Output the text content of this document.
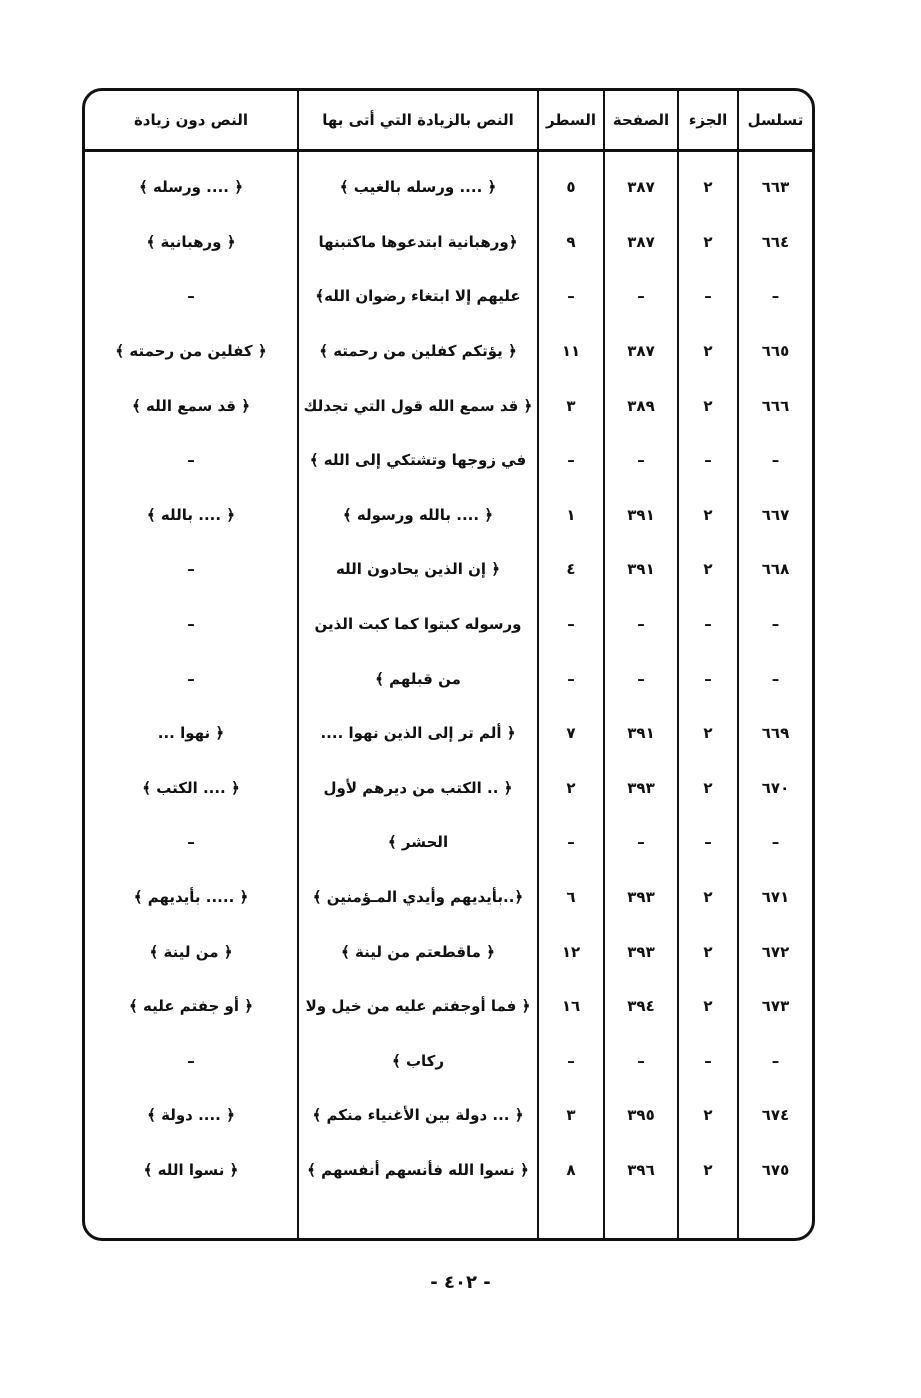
تسلسل	الجزء	الصفحة	السطر	النص بالزيادة التي أتى بها	النص دون زيادة
٦٦٣	٢	٣٨٧	٥	﴿ .... ورسله بالغيب ﴾	﴿ .... ورسله ﴾
٦٦٤	٢	٣٨٧	٩	﴿ورهبانية ابتدعوها ماكتبنها	﴿ ورهبانية ﴾
–	–	–	–	عليهم إلا ابتغاء رضوان الله﴾	–
٦٦٥	٢	٣٨٧	١١	﴿ يؤتكم كفلين من رحمته ﴾	﴿ كفلين من رحمته ﴾
٦٦٦	٢	٣٨٩	٣	﴿ قد سمع الله قول التي تجدلك	﴿ قد سمع الله ﴾
–	–	–	–	في زوجها وتشتكي إلى الله ﴾	–
٦٦٧	٢	٣٩١	١	﴿ .... بالله ورسوله ﴾	﴿ .... بالله ﴾
٦٦٨	٢	٣٩١	٤	﴿ إن الذين يحادون الله	–
–	–	–	–	ورسوله كبتوا كما كبت الذين	–
–	–	–	–	من قبلهم ﴾	–
٦٦٩	٢	٣٩١	٧	﴿ ألم تر إلى الذين نهوا ....	﴿ نهوا ...
٦٧٠	٢	٣٩٣	٢	﴿ .. الكتب من ديرهم لأول	﴿ .... الكتب ﴾
–	–	–	–	الحشر ﴾	–
٦٧١	٢	٣٩٣	٦	﴿..بأيديهم وأيدي المـؤمنين ﴾	﴿ ..... بأيديهم ﴾
٦٧٢	٢	٣٩٣	١٢	﴿ ماقطعتم من لينة ﴾	﴿ من لينة ﴾
٦٧٣	٢	٣٩٤	١٦	﴿ فما أوجفتم عليه من خيل ولا	﴿ أو جفتم عليه ﴾
–	–	–	–	ركاب ﴾	–
٦٧٤	٢	٣٩٥	٣	﴿ ... دولة بين الأغنياء منكم ﴾	﴿ .... دولة ﴾
٦٧٥	٢	٣٩٦	٨	﴿ نسوا الله فأنسهم أنفسهم ﴾	﴿ نسوا الله ﴾

- ٤٠٢ -
